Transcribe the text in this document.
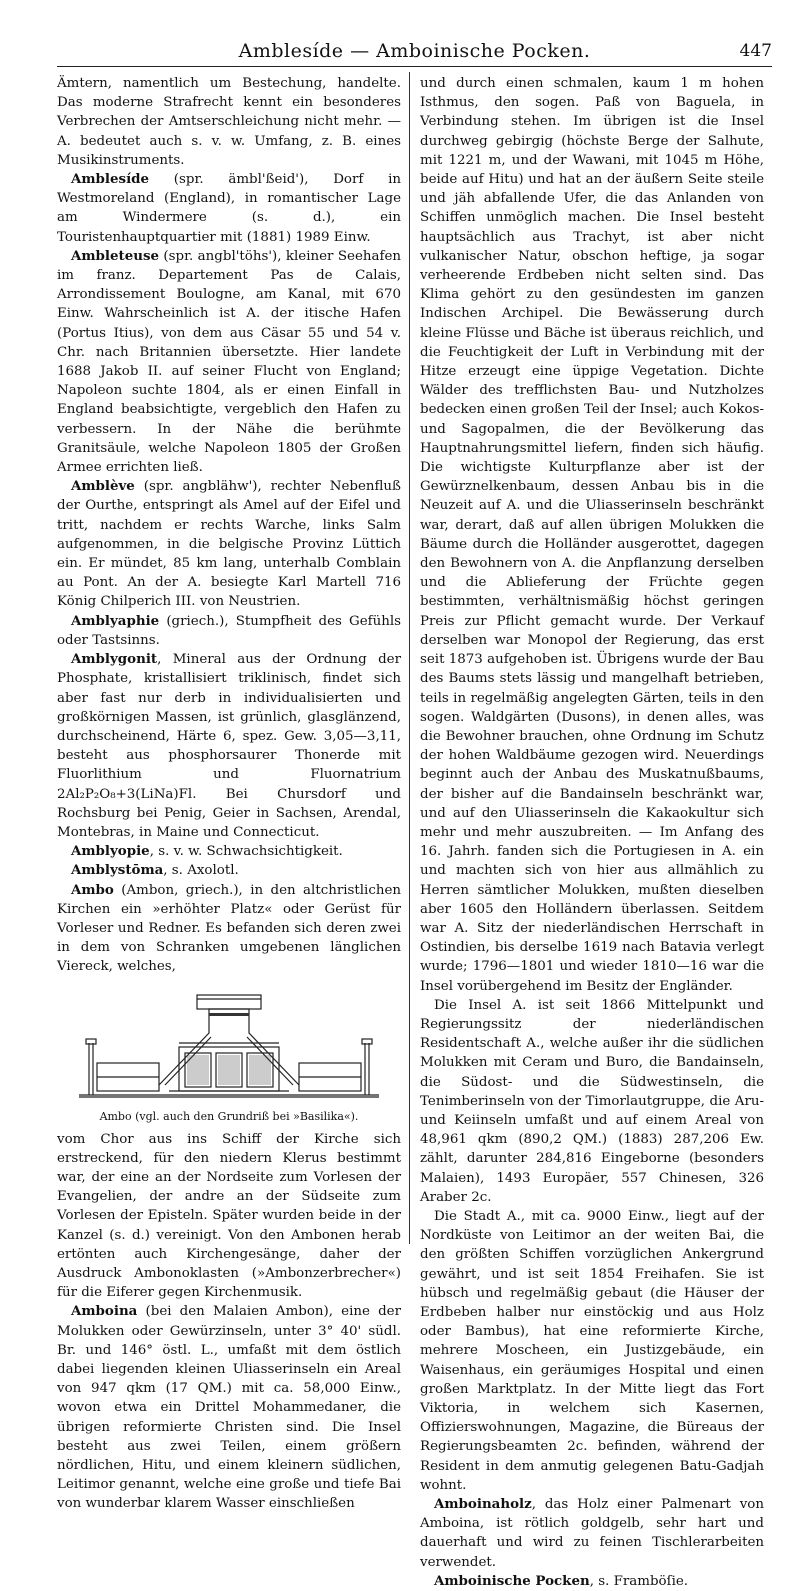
Amblesíde — Amboinische Pocken.	447

Ämtern, namentlich um Bestechung, handelte. Das moderne Strafrecht kennt ein besonderes Verbrechen der Amtserschleichung nicht mehr. — A. bedeutet auch s. v. w. Umfang, z. B. eines Musikinstruments.

Amblesíde (spr. ämbl'ßeid'), Dorf in Westmoreland (England), in romantischer Lage am Windermere (s. d.), ein Touristenhauptquartier mit (1881) 1989 Einw.

Ambleteuse (spr. angbl'töhs'), kleiner Seehafen im franz. Departement Pas de Calais, Arrondissement Boulogne, am Kanal, mit 670 Einw. Wahrscheinlich ist A. der itische Hafen (Portus Itius), von dem aus Cäsar 55 und 54 v. Chr. nach Britannien übersetzte. Hier landete 1688 Jakob II. auf seiner Flucht von England; Napoleon suchte 1804, als er einen Einfall in England beabsichtigte, vergeblich den Hafen zu verbessern. In der Nähe die berühmte Granitsäule, welche Napoleon 1805 der Großen Armee errichten ließ.

Amblève (spr. angblähw'), rechter Nebenfluß der Ourthe, entspringt als Amel auf der Eifel und tritt, nachdem er rechts Warche, links Salm aufgenommen, in die belgische Provinz Lüttich ein. Er mündet, 85 km lang, unterhalb Comblain au Pont. An der A. besiegte Karl Martell 716 König Chilperich III. von Neustrien.

Amblyaphie (griech.), Stumpfheit des Gefühls oder Tastsinns.

Amblygonit, Mineral aus der Ordnung der Phosphate, kristallisiert triklinisch, findet sich aber fast nur derb in individualisierten und großkörnigen Massen, ist grünlich, glasglänzend, durchscheinend, Härte 6, spez. Gew. 3,05—3,11, besteht aus phosphorsaurer Thonerde mit Fluorlithium und Fluornatrium 2Al₂P₂O₈+3(LiNa)Fl. Bei Chursdorf und Rochsburg bei Penig, Geier in Sachsen, Arendal, Montebras, in Maine und Connecticut.

Amblyopie, s. v. w. Schwachsichtigkeit.

Amblystōma, s. Axolotl.

Ambo (Ambon, griech.), in den altchristlichen Kirchen ein »erhöhter Platz« oder Gerüst für Vorleser und Redner. Es befanden sich deren zwei in dem von Schranken umgebenen länglichen Viereck, welches,

Ambo (vgl. auch den Grundriß bei »Basilika«).

vom Chor aus ins Schiff der Kirche sich erstreckend, für den niedern Klerus bestimmt war, der eine an der Nordseite zum Vorlesen der Evangelien, der andre an der Südseite zum Vorlesen der Episteln. Später wurden beide in der Kanzel (s. d.) vereinigt. Von den Ambonen herab ertönten auch Kirchengesänge, daher der Ausdruck Ambonoklasten (»Ambonzerbrecher«) für die Eiferer gegen Kirchenmusik.

Amboina (bei den Malaien Ambon), eine der Molukken oder Gewürzinseln, unter 3° 40' südl. Br. und 146° östl. L., umfaßt mit dem östlich dabei liegenden kleinen Uliasserinseln ein Areal von 947 qkm (17 QM.) mit ca. 58,000 Einw., wovon etwa ein Drittel Mohammedaner, die übrigen reformierte Christen sind. Die Insel besteht aus zwei Teilen, einem größern nördlichen, Hitu, und einem kleinern südlichen, Leitimor genannt, welche eine große und tiefe Bai von wunderbar klarem Wasser einschließen

und durch einen schmalen, kaum 1 m hohen Isthmus, den sogen. Paß von Baguela, in Verbindung stehen. Im übrigen ist die Insel durchweg gebirgig (höchste Berge der Salhute, mit 1221 m, und der Wawani, mit 1045 m Höhe, beide auf Hitu) und hat an der äußern Seite steile und jäh abfallende Ufer, die das Anlanden von Schiffen unmöglich machen. Die Insel besteht hauptsächlich aus Trachyt, ist aber nicht vulkanischer Natur, obschon heftige, ja sogar verheerende Erdbeben nicht selten sind. Das Klima gehört zu den gesündesten im ganzen Indischen Archipel. Die Bewässerung durch kleine Flüsse und Bäche ist überaus reichlich, und die Feuchtigkeit der Luft in Verbindung mit der Hitze erzeugt eine üppige Vegetation. Dichte Wälder des trefflichsten Bau- und Nutzholzes bedecken einen großen Teil der Insel; auch Kokos- und Sagopalmen, die der Bevölkerung das Hauptnahrungsmittel liefern, finden sich häufig. Die wichtigste Kulturpflanze aber ist der Gewürznelkenbaum, dessen Anbau bis in die Neuzeit auf A. und die Uliasserinseln beschränkt war, derart, daß auf allen übrigen Molukken die Bäume durch die Holländer ausgerottet, dagegen den Bewohnern von A. die Anpflanzung derselben und die Ablieferung der Früchte gegen bestimmten, verhältnismäßig höchst geringen Preis zur Pflicht gemacht wurde. Der Verkauf derselben war Monopol der Regierung, das erst seit 1873 aufgehoben ist. Übrigens wurde der Bau des Baums stets lässig und mangelhaft betrieben, teils in regelmäßig angelegten Gärten, teils in den sogen. Waldgärten (Dusons), in denen alles, was die Bewohner brauchen, ohne Ordnung im Schutz der hohen Waldbäume gezogen wird. Neuerdings beginnt auch der Anbau des Muskatnußbaums, der bisher auf die Bandainseln beschränkt war, und auf den Uliasserinseln die Kakaokultur sich mehr und mehr auszubreiten. — Im Anfang des 16. Jahrh. fanden sich die Portugiesen in A. ein und machten sich von hier aus allmählich zu Herren sämtlicher Molukken, mußten dieselben aber 1605 den Holländern überlassen. Seitdem war A. Sitz der niederländischen Herrschaft in Ostindien, bis derselbe 1619 nach Batavia verlegt wurde; 1796—1801 und wieder 1810—16 war die Insel vorübergehend im Besitz der Engländer.

Die Insel A. ist seit 1866 Mittelpunkt und Regierungssitz der niederländischen Residentschaft A., welche außer ihr die südlichen Molukken mit Ceram und Buro, die Bandainseln, die Südost- und die Südwestinseln, die Tenimberinseln von der Timorlautgruppe, die Aru- und Keiinseln umfaßt und auf einem Areal von 48,961 qkm (890,2 QM.) (1883) 287,206 Ew. zählt, darunter 284,816 Eingeborne (besonders Malaien), 1493 Europäer, 557 Chinesen, 326 Araber 2c.

Die Stadt A., mit ca. 9000 Einw., liegt auf der Nordküste von Leitimor an der weiten Bai, die den größten Schiffen vorzüglichen Ankergrund gewährt, und ist seit 1854 Freihafen. Sie ist hübsch und regelmäßig gebaut (die Häuser der Erdbeben halber nur einstöckig und aus Holz oder Bambus), hat eine reformierte Kirche, mehrere Moscheen, ein Justizgebäude, ein Waisenhaus, ein geräumiges Hospital und einen großen Marktplatz. In der Mitte liegt das Fort Viktoria, in welchem sich Kasernen, Offizierswohnungen, Magazine, die Büreaus der Regierungsbeamten 2c. befinden, während der Resident in dem anmutig gelegenen Batu-Gadjah wohnt.

Amboinaholz, das Holz einer Palmenart von Amboina, ist rötlich goldgelb, sehr hart und dauerhaft und wird zu feinen Tischlerarbeiten verwendet.

Amboinische Pocken, s. Framböſie.
